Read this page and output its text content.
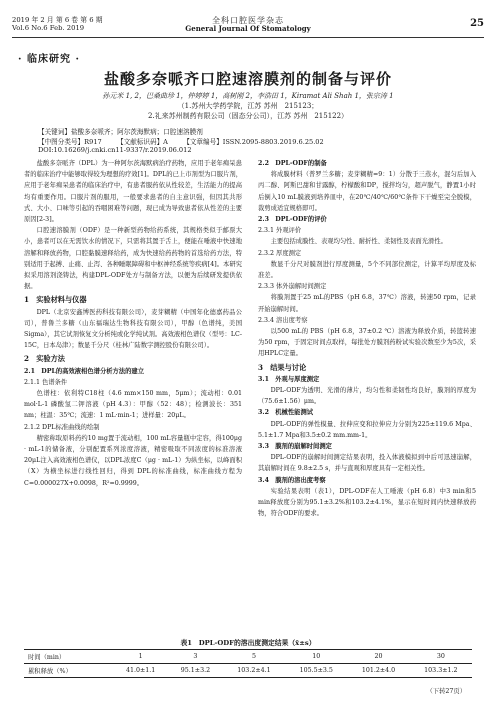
2019 年 2 月 第 6 卷 第 6 期
Vol.6 No.6 Feb. 2019
全科口腔医学杂志
General Journal Of Stomatology	25
· 临床研究 ·
盐酸多奈哌齐口腔速溶膜剂的制备与评价
孙元米 1, 2，巴桑曲珍 1，仲婷婷 1，高树刚 2，李浩田 1，Kiramat Ali Shah 1，张宗涛 1
（1.苏州大学药学院，江苏 苏州　215123；
2.礼来苏州制药有限公司（固态分公司），江苏 苏州　215122）
【关键词】盐酸多奈哌齐；阿尔茨海默病；口腔速溶膜剂
【中图分类号】R917   【文献标识码】A   【文章编号】ISSN.2095-8803.2019.6.25.02
DOI:10.16269/j.cnki.cn11-9337/r.2019.06.012

盐酸多奈哌齐（DPL）为一种阿尔茨海默病治疗药物，应用于老年痴呆患者的临床治疗中能够取得较为理想的疗效[1]。DPL的已上市剂型为口服片剂，应用于老年痴呆患者的临床治疗中，有患者服药依从性较差，生活能力的提高均有重要作用。口服片剂的服用，一般要求患者的自主意识强，但因其共形式、大小、口味等引起的吞咽困难等问题，现已成为导致患者依从性差的主要原因[2-3]。

口腔速溶膜剂（ODF）是一种新型药物给药系统，其规格类似于邮票大小，患者可以在无需饮水的情况下，只需将其置于舌上，便能在唾液中快速地溶解和释放药物，口腔黏膜速释给药，成为快速给药药物的首选给药方法，特别适用于起搏、止痛、止泻、各种睡眠障碍和中枢神经系统等疾病[4]。本研究拟采用溶剂浇铸法，构建DPL-ODF处方与制备方法，以便为后续研发提供依据。

1　实验材料与仪器

DPL（北京安鑫博医药科技有限公司），麦芽糊精（中国年化德嘉药品公司），普鲁兰多糖（山东福瑞达生物科技有限公司），甲醇（色谱纯，美国 Sigma），其它试剂恢复文分析纯或化学纯试剂。高效液相色谱仪（型号：LC-15C，日本岛津）；数显千分尺（桂林广陆数字测控股份有限公司）。

2　实验方法

2.1　DPL的高效液相色谱分析方法的建立

2.1.1 色谱条件

色谱柱：依利特C18柱（4.6 mm×150 mm，5μm）；流动相：0.01 mol·L-1 磷酸氢二钾溶液（pH 4.3）：甲醇（52：48）；检测波长：351 nm；柱温：35℃；流速：1 mL·min-1；进样量：20μL。

2.1.2 DPL标准曲线的绘制

精密称取原料药约10 mg置于流动相，100 mL容量瓶中定容，得100μg · mL-1的储备液，分别配置系列浓度溶液，精密吸取不同浓度的标准溶液20μL注入高效液相色谱仪，以DPL浓度C（μg · mL-1）为纵坐标，以峰面积（X）为横坐标进行线性回归，得到 DPL的标准曲线，标准曲线方程为C=0.000027X+0.0098，R²=0.9999。

2.2　DPL-ODF的制备

将成膜材料（普罗兰多糖；麦芽糊精=9：1）分散于三蒸水，混匀后加入丙二醇、阿斯巴甜和甘露醇，柠檬酸和DP，搅拌均匀，超声脱气，静置1小时后倒入10 mL膜液到培养皿中，在20℃/40℃/60℃条件下干燥至完全脱模，裁剪成适宜规格即可。

2.3　DPL-ODF的评价

2.3.1 外观评价

主要包括成膜性、表观均匀性、耐折性、柔韧性及表面光滑性。

2.3.2 厚度测定

数显千分尺对膜剂进行厚度测量，5个不同部位测定，计算平均厚度及标准差。

2.3.3 体外崩解时间测定

将膜剂置于25 mL的PBS（pH 6.8，37℃）溶液，转速50 rpm，记录开始崩解时间。

2.3.4 溶出度考察

以500 mL的 PBS（pH 6.8，37±0.2 ℃）溶液为释放介质，转篮转速为50 rpm，于固定时间点取样，每批处方膜剂药粉试实验次数至少为5次，采用HPLC定量。

3　结果与讨论

3.1　外观与厚度测定

DPL-ODF为透明、光滑的薄片，均匀性和柔韧性均良好，膜剂的厚度为（75.6±1.56）μm。

3.2　机械性能测试

DPL-ODF的弹性模量、拉伸应变和拉伸应力分别为225±119.6 Mpa、5.1±1.7 Mpa和3.5±0.2 mm.mm-1。

3.3　膜剂的崩解时间测定

DPL-ODF的崩解时间测定结果表明，投入体液模拟到中后可迅速崩解，其崩解时间在 9.8±2.5 s，并与直观和厚度具有一定相关性。

3.4　膜剂的溶出度考察

实验结果表明（表1），DPL-ODF在人工唾液（pH 6.8）中3 min和5 min释放度分别为95.1±3.2%和103.2±4.1%，显示在短时间内快速释放药物，符合ODF的要求。

表1　DPL-ODF的溶出度测定结果（x̄±s）
时间（min）	1	3	5	10	20	30
累积释放（%）	41.0±1.1	95.1±3.2	103.2±4.1	105.5±3.5	101.2±4.0	103.3±1.2
（下转27页）
